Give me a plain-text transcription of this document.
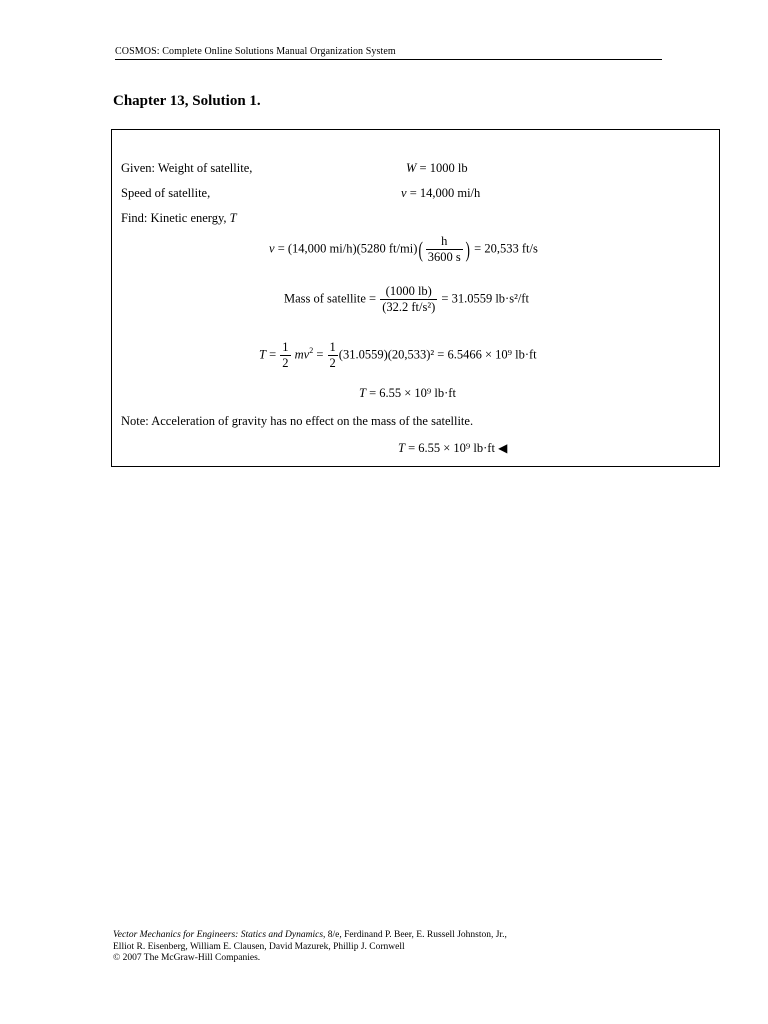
COSMOS: Complete Online Solutions Manual Organization System
Chapter 13, Solution 1.
Given: Weight of satellite,	W = 1000 lb
Speed of satellite,	v = 14,000 mi/h
Find: Kinetic energy, T
v = (14,000 mi/h)(5280 $ft/mi)( \frac{h}{3600 s}$ ) = 20,533 ft/s
Mass of satellite = $\frac{(1000 lb)}{\text{(32.2 ft/s²)}} = 31.0559$ lb·s²/ft
$T = \frac{1}{2} mv^2 = \frac{1}{2} (31.0559)(20,533)^2 = 6.5466 \times 10^9$ lb·ft
T = 6.55 × 10⁹ lb·ft
Note: Acceleration of gravity has no effect on the mass of the satellite.
T = 6.55 × 10⁹ lb·ft ◀
Vector Mechanics for Engineers: Statics and Dynamics, 8/e, Ferdinand P. Beer, E. Russell Johnston, Jr.,
Elliot R. Eisenberg, William E. Clausen, David Mazurek, Phillip J. Cornwell
© 2007 The McGraw-Hill Companies.
